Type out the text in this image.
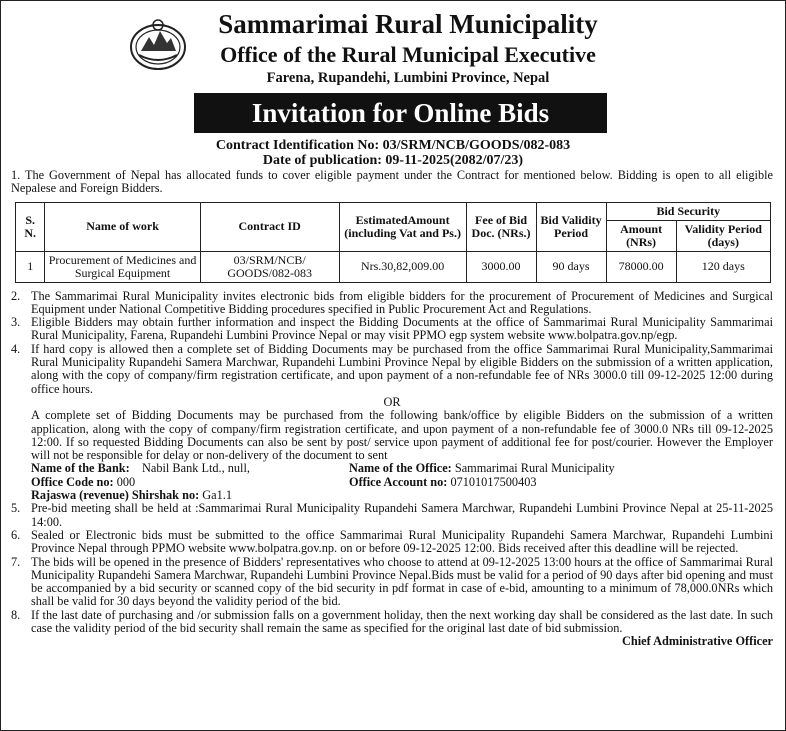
Sammarimai Rural Municipality
Office of the Rural Municipal Executive
Farena, Rupandehi, Lumbini Province, Nepal
Invitation for Online Bids
Contract Identification No: 03/SRM/NCB/GOODS/082-083
Date of publication: 09-11-2025(2082/07/23)

1. The Government of Nepal has allocated funds to cover eligible payment under the Contract for mentioned below. Bidding is open to all eligible Nepalese and Foreign Bidders.

S. N.	Name of work	Contract ID	EstimatedAmount (including Vat and Ps.)	Fee of Bid Doc. (NRs.)	Bid Validity Period	Bid Security	
						Amount (NRs)	Validity Period (days)
1	Procurement of Medicines and Surgical Equipment	03/SRM/NCB/ GOODS/082-083	Nrs.30,82,009.00	3000.00	90 days	78000.00	120 days
2. The Sammarimai Rural Municipality invites electronic bids from eligible bidders for the procurement of Procurement of Medicines and Surgical Equipment under National Competitive Bidding procedures specified in Public Procurement Act and Regulations.
3. Eligible Bidders may obtain further information and inspect the Bidding Documents at the office of Sammarimai Rural Municipality Sammarimai Rural Municipality, Farena, Rupandehi Lumbini Province Nepal or may visit PPMO egp system website www.bolpatra.gov.np/egp.
4. If hard copy is allowed then a complete set of Bidding Documents may be purchased from the office Sammarimai Rural Municipality,Sammarimai Rural Municipality Rupandehi Samera Marchwar, Rupandehi Lumbini Province Nepal by eligible Bidders on the submission of a written application, along with the copy of company/firm registration certificate, and upon payment of a non-refundable fee of NRs 3000.0 till 09-12-2025 12:00 during office hours.
OR
A complete set of Bidding Documents may be purchased from the following bank/office by eligible Bidders on the submission of a written application, along with the copy of company/firm registration certificate, and upon payment of a non-refundable fee of 3000.0 NRs till 09-12-2025 12:00. If so requested Bidding Documents can also be sent by post/ service upon payment of additional fee for post/courier. However the Employer will not be responsible for delay or non-delivery of the document to sent
Name of the Bank: Nabil Bank Ltd., null,	Name of the Office: Sammarimai Rural Municipality
Office Code no: 000	Office Account no: 07101017500403
Rajaswa (revenue) Shirshak no: Ga1.1
5. Pre-bid meeting shall be held at :Sammarimai Rural Municipality Rupandehi Samera Marchwar, Rupandehi Lumbini Province Nepal at 25-11-2025 14:00.
6. Sealed or Electronic bids must be submitted to the office Sammarimai Rural Municipality Rupandehi Samera Marchwar, Rupandehi Lumbini Province Nepal through PPMO website www.bolpatra.gov.np. on or before 09-12-2025 12:00. Bids received after this deadline will be rejected.
7. The bids will be opened in the presence of Bidders' representatives who choose to attend at 09-12-2025 13:00 hours at the office of Sammarimai Rural Municipality Rupandehi Samera Marchwar, Rupandehi Lumbini Province Nepal.Bids must be valid for a period of 90 days after bid opening and must be accompanied by a bid security or scanned copy of the bid security in pdf format in case of e-bid, amounting to a minimum of 78,000.0NRs which shall be valid for 30 days beyond the validity period of the bid.
8. If the last date of purchasing and /or submission falls on a government holiday, then the next working day shall be considered as the last date. In such case the validity period of the bid security shall remain the same as specified for the original last date of bid submission.
Chief Administrative Officer
